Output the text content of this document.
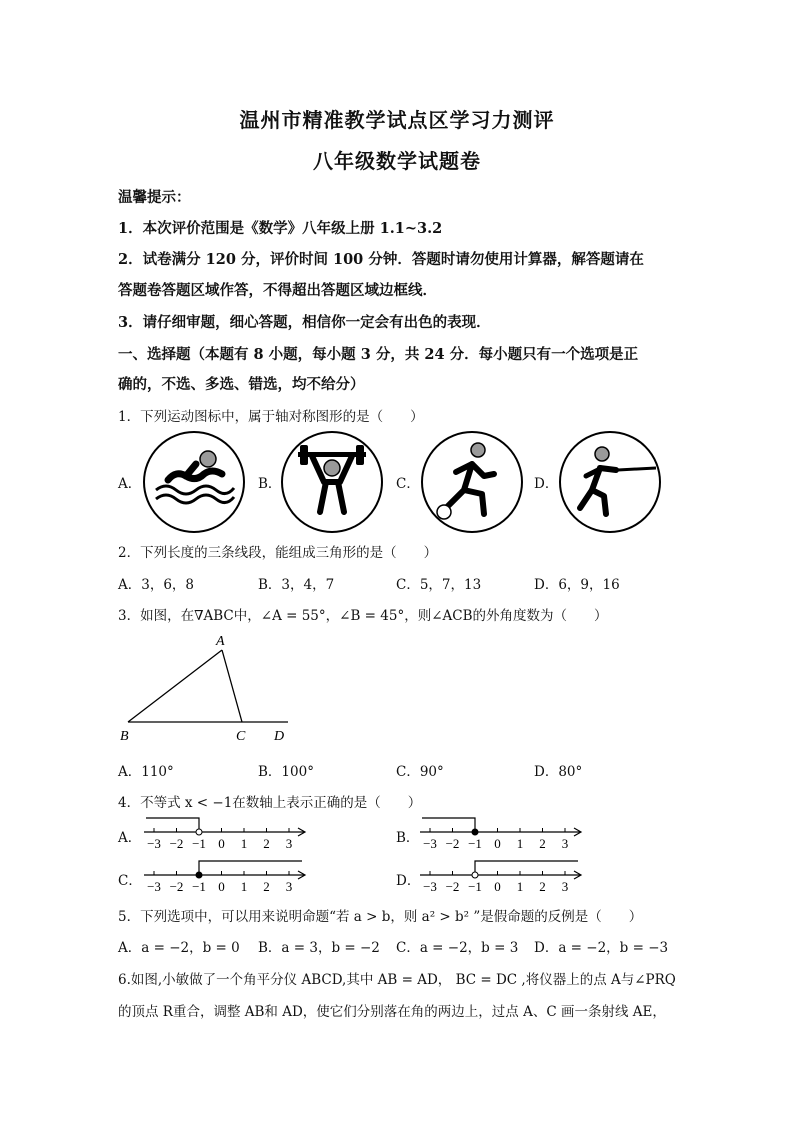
温州市精准教学试点区学习力测评
八年级数学试题卷
温馨提示：
1．本次评价范围是《数学》八年级上册 1.1~3.2
2．试卷满分 120 分，评价时间 100 分钟．答题时请勿使用计算器，解答题请在
答题卷答题区域作答，不得超出答题区域边框线．
3．请仔细审题，细心答题，相信你一定会有出色的表现．
一、选择题（本题有 8 小题，每小题 3 分，共 24 分．每小题只有一个选项是正
确的，不选、多选、错选，均不给分）
1．下列运动图标中，属于轴对称图形的是（　　）
A．	B．	C．	D．
2．下列长度的三条线段，能组成三角形的是（　　）
A．3，6，8	B．3，4，7	C．5，7，13	D．6，9，16
3．如图，在∇ABC中，∠A = 55°，∠B = 45°，则∠ACB的外角度数为（　　）
A
B	C D
A．110°	B．100°	C．90°	D．80°
4．不等式 x < −1在数轴上表示正确的是（　　）
A．	B．
C．	D．
−3 −2 −1 0 1 2 3	−3 −2 −1 0 1 2 3
−3 −2 −1 0 1 2 3	−3 −2 −1 0 1 2 3
5．下列选项中，可以用来说明命题“若 a > b，则 a² > b² ”是假命题的反例是（　　）
A．a = −2，b = 0 B．a = 3，b = −2 C．a = −2，b = 3 D．a = −2，b = −3
6.如图,小敏做了一个角平分仪 ABCD,其中 AB = AD， BC = DC ,将仪器上的点 A与∠PRQ
的顶点 R重合，调整 AB和 AD，使它们分别落在角的两边上，过点 A、C 画一条射线 AE，
